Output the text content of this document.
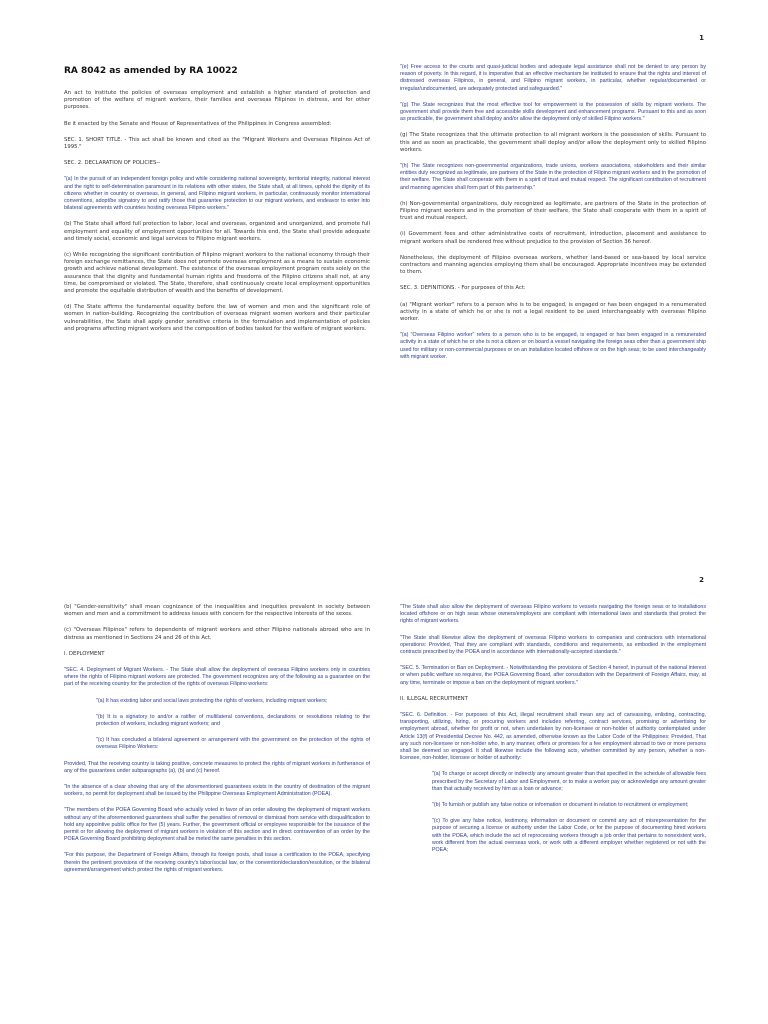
1
RA 8042 as amended by RA 10022

An act to institute the policies of overseas employment and establish a higher standard of protection and promotion of the welfare of migrant workers, their families and overseas Filipinos in distress, and for other purposes.

Be it enacted by the Senate and House of Representatives of the Philippines in Congress assembled:

SEC. 1. SHORT TITLE. - This act shall be known and cited as the "Migrant Workers and Overseas Filipinos Act of 1995."

SEC. 2. DECLARATION OF POLICIES--

"(a) In the pursuit of an independent foreign policy and while considering national sovereignty, territorial integrity, national interest and the right to self-determination paramount in its relations with other states, the State shall, at all times, uphold the dignity of its citizens whether in country or overseas, in general, and Filipino migrant workers, in particular, continuously monitor international conventions, adopt/be signatory to and ratify those that guarantee protection to our migrant workers, and endeavor to enter into bilateral agreements with countries hosting overseas Filipino workers."

(b) The State shall afford full protection to labor, local and overseas, organized and unorganized, and promote full employment and equality of employment opportunities for all. Towards this end, the State shall provide adequate and timely social, economic and legal services to Filipino migrant workers.

(c) While recognizing the significant contribution of Filipino migrant workers to the national economy through their foreign exchange remittances, the State does not promote overseas employment as a means to sustain economic growth and achieve national development. The existence of the overseas employment program rests solely on the assurance that the dignity and fundamental human rights and freedoms of the Filipino citizens shall not, at any time, be compromised or violated. The State, therefore, shall continuously create local employment opportunities and promote the equitable distribution of wealth and the benefits of development.

(d) The State affirms the fundamental equality before the law of women and men and the significant role of women in nation-building. Recognizing the contribution of overseas migrant women workers and their particular vulnerabilities, the State shall apply gender sensitive criteria in the formulation and implementation of policies and programs affecting migrant workers and the composition of bodies tasked for the welfare of migrant workers.

"(e) Free access to the courts and quasi-judicial bodies and adequate legal assistance shall not be denied to any person by reason of poverty. In this regard, it is imperative that an effective mechanism be instituted to ensure that the rights and interest of distressed overseas Filipinos, in general, and Filipino migrant workers, in particular, whether regular/documented or irregular/undocumented, are adequately protected and safeguarded."

"(g) The State recognizes that the most effective tool for empowerment is the possession of skills by migrant workers. The government shall provide them free and accessible skills development and enhancement programs. Pursuant to this and as soon as practicable, the government shall deploy and/or allow the deployment only of skilled Filipino workers."

(g) The State recognizes that the ultimate protection to all migrant workers is the possession of skills. Pursuant to this and as soon as practicable, the government shall deploy and/or allow the deployment only to skilled Filipino workers.

"(h) The State recognizes non-governmental organizations, trade unions, workers associations, stakeholders and their similar entities duly recognized as legitimate, are partners of the State in the protection of Filipino migrant workers and in the promotion of their welfare. The State shall cooperate with them in a spirit of trust and mutual respect. The significant contribution of recruitment and manning agencies shall form part of this partnership."

(h) Non-governmental organizations, duly recognized as legitimate, are partners of the State in the protection of Filipino migrant workers and in the promotion of their welfare, the State shall cooperate with them in a spirit of trust and mutual respect.

(i) Government fees and other administrative costs of recruitment, introduction, placement and assistance to migrant workers shall be rendered free without prejudice to the provision of Section 36 hereof.

Nonetheless, the deployment of Filipino overseas workers, whether land-based or sea-based by local service contractors and manning agencies employing them shall be encouraged. Appropriate incentives may be extended to them.

SEC. 3. DEFINITIONS. - For purposes of this Act:

(a) "Migrant worker" refers to a person who is to be engaged, is engaged or has been engaged in a renumerated activity in a state of which he or she is not a legal resident to be used interchangeably with overseas Filipino worker.

"(a) "Overseas Filipino worker" refers to a person who is to be engaged, is engaged or has been engaged in a remunerated activity in a state of which he or she is not a citizen or on board a vessel navigating the foreign seas other than a government ship used for military or non-commercial purposes or on an installation located offshore or on the high seas; to be used interchangeably with migrant worker.

2

(b) "Gender-sensitivity" shall mean cognizance of the inequalities and inequities prevalent in society between women and men and a commitment to address issues with concern for the respective interests of the sexes.

(c) "Overseas Filipinos" refers to dependents of migrant workers and other Filipino nationals abroad who are in distress as mentioned in Sections 24 and 26 of this Act.

I. DEPLOYMENT

"SEC. 4. Deployment of Migrant Workers. - The State shall allow the deployment of overseas Filipino workers only in countries where the rights of Filipino migrant workers are protected. The government recognizes any of the following as a guarantee on the part of the receiving country for the protection of the rights of overseas Filipino workers:

"(a) It has existing labor and social laws protecting the rights of workers, including migrant workers;

"(b) It is a signatory to and/or a ratifier of multilateral conventions, declarations or resolutions relating to the protection of workers, including migrant workers; and

"(c) It has concluded a bilateral agreement or arrangement with the government on the protection of the rights of overseas Filipino Workers:

Provided, That the receiving country is taking positive, concrete measures to protect the rights of migrant workers in furtherance of any of the guarantees under subparagraphs (a), (b) and (c) hereof.

"In the absence of a clear showing that any of the aforementioned guarantees exists in the country of destination of the migrant workers, no permit for deployment shall be issued by the Philippine Overseas Employment Administration (POEA).

"The members of the POEA Governing Board who actually voted in favor of an order allowing the deployment of migrant workers without any of the aforementioned guarantees shall suffer the penalties of removal or dismissal from service with disqualification to hold any appointive public office for five (5) years. Further, the government official or employee responsible for the issuance of the permit or for allowing the deployment of migrant workers in violation of this section and in direct contravention of an order by the POEA Governing Board prohibiting deployment shall be meted the same penalties in this section.

"For this purpose, the Department of Foreign Affairs, through its foreign posts, shall issue a certification to the POEA, specifying therein the pertinent provisions of the receiving country's labor/social law, or the convention/declaration/resolution, or the bilateral agreement/arrangement which protect the rights of migrant workers.

"The State shall also allow the deployment of overseas Filipino workers to vessels navigating the foreign seas or to installations located offshore or on high seas whose owners/employers are compliant with international laws and standards that protect the rights of migrant workers.

"The State shall likewise allow the deployment of overseas Filipino workers to companies and contractors with international operations: Provided, That they are compliant with standards, conditions and requirements, as embodied in the employment contracts prescribed by the POEA and in accordance with internationally-accepted standards."

"SEC. 5. Termination or Ban on Deployment. - Notwithstanding the provisions of Section 4 hereof, in pursuit of the national interest or when public welfare so requires, the POEA Governing Board, after consultation with the Department of Foreign Affairs, may, at any time, terminate or impose a ban on the deployment of migrant workers."

II. ILLEGAL RECRUITMENT

"SEC. 6. Definition. - For purposes of this Act, illegal recruitment shall mean any act of canvassing, enlisting, contracting, transporting, utilizing, hiring, or procuring workers and includes referring, contract services, promising or advertising for employment abroad, whether for profit or not, when undertaken by non-licensee or non-holder of authority contemplated under Article 13(f) of Presidential Decree No. 442, as amended, otherwise known as the Labor Code of the Philippines: Provided, That any such non-licensee or non-holder who, in any manner, offers or promises for a fee employment abroad to two or more persons shall be deemed so engaged. It shall likewise include the following acts, whether committed by any person, whether a non-licensee, non-holder, licensee or holder of authority:

"(a) To charge or accept directly or indirectly any amount greater than that specified in the schedule of allowable fees prescribed by the Secretary of Labor and Employment, or to make a worker pay or acknowledge any amount greater than that actually received by him as a loan or advance;

"(b) To furnish or publish any false notice or information or document in relation to recruitment or employment;

"(c) To give any false notice, testimony, information or document or commit any act of misrepresentation for the purpose of securing a license or authority under the Labor Code, or for the purpose of documenting hired workers with the POEA, which include the act of reprocessing workers through a job order that pertains to nonexistent work, work different from the actual overseas work, or work with a different employer whether registered or not with the POEA;
